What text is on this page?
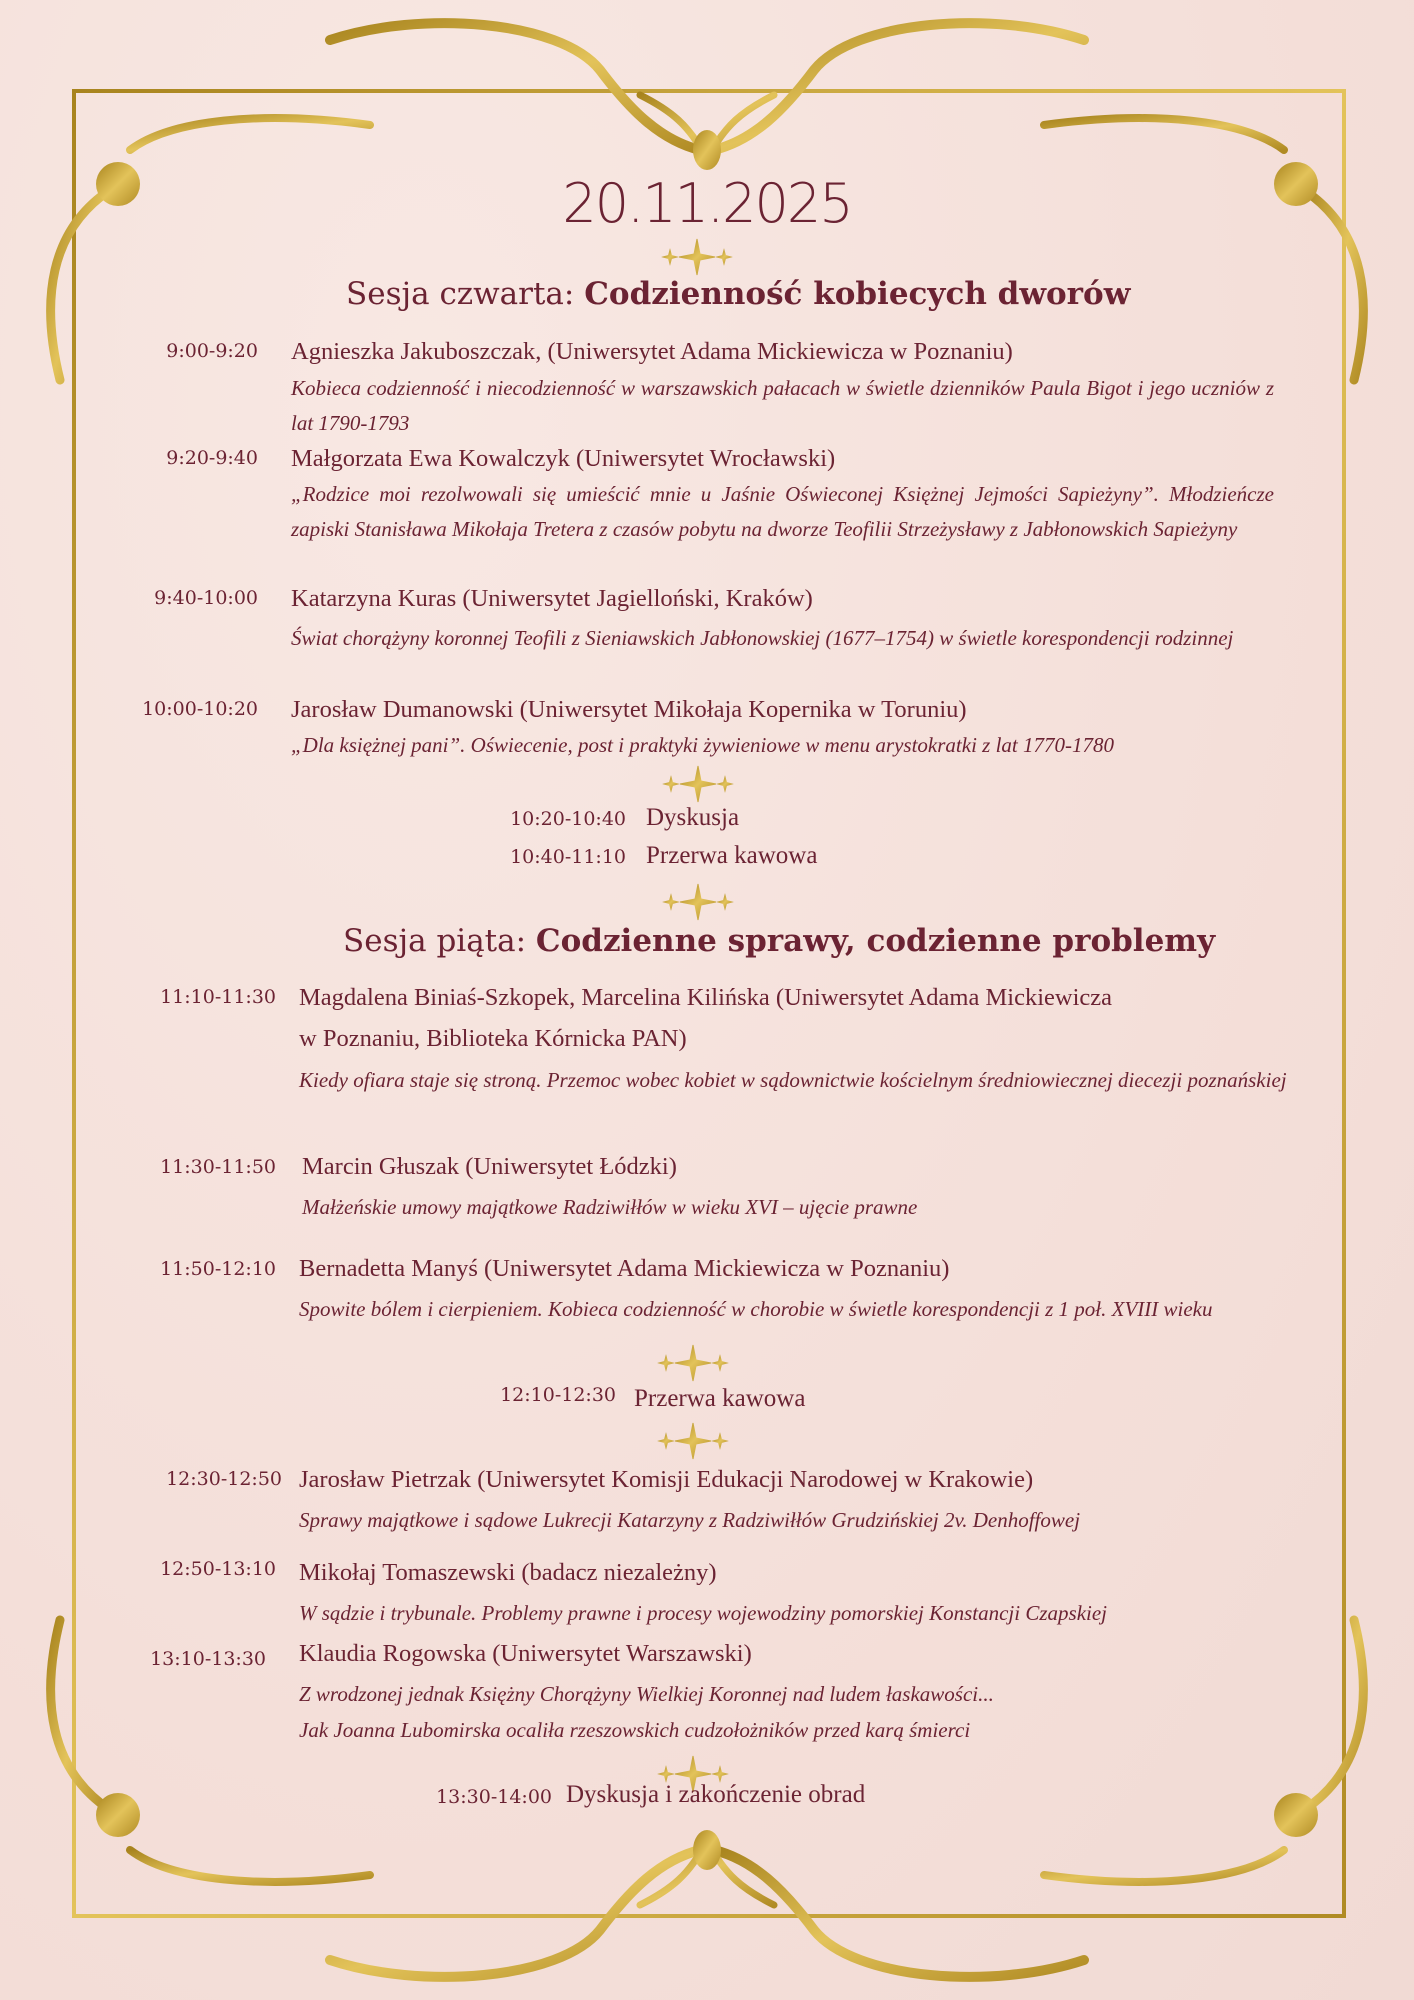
20.11.2025
Sesja czwarta: Codzienność kobiecych dworów
9:00-9:20 Agnieszka Jakuboszczak, (Uniwersytet Adama Mickiewicza w Poznaniu)
Kobieca codzienność i niecodzienność w warszawskich pałacach w świetle dzienników Paula Bigot i jego uczniów z lat 1790-1793
9:20-9:40 Małgorzata Ewa Kowalczyk (Uniwersytet Wrocławski)
„Rodzice moi rezolwowali się umieścić mnie u Jaśnie Oświeconej Księżnej Jejmości Sapieżyny”. Młodzieńcze zapiski Stanisława Mikołaja Tretera z czasów pobytu na dworze Teofilii Strzeżysławy z Jabłonowskich Sapieżyny
9:40-10:00 Katarzyna Kuras (Uniwersytet Jagielloński, Kraków)
Świat chorążyny koronnej Teofili z Sieniawskich Jabłonowskiej (1677–1754) w świetle korespondencji rodzinnej
10:00-10:20 Jarosław Dumanowski (Uniwersytet Mikołaja Kopernika w Toruniu)
„Dla księżnej pani”. Oświecenie, post i praktyki żywieniowe w menu arystokratki z lat 1770-1780
10:20-10:40 Dyskusja
10:40-11:10 Przerwa kawowa
Sesja piąta: Codzienne sprawy, codzienne problemy
11:10-11:30 Magdalena Biniaś-Szkopek, Marcelina Kilińska (Uniwersytet Adama Mickiewicza
w Poznaniu, Biblioteka Kórnicka PAN)
Kiedy ofiara staje się stroną. Przemoc wobec kobiet w sądownictwie kościelnym średniowiecznej diecezji poznańskiej
11:30-11:50 Marcin Głuszak (Uniwersytet Łódzki)
Małżeńskie umowy majątkowe Radziwiłłów w wieku XVI – ujęcie prawne
11:50-12:10 Bernadetta Manyś (Uniwersytet Adama Mickiewicza w Poznaniu)
Spowite bólem i cierpieniem. Kobieca codzienność w chorobie w świetle korespondencji z 1 poł. XVIII wieku
12:10-12:30 Przerwa kawowa
12:30-12:50 Jarosław Pietrzak (Uniwersytet Komisji Edukacji Narodowej w Krakowie)
Sprawy majątkowe i sądowe Lukrecji Katarzyny z Radziwiłłów Grudzińskiej 2v. Denhoffowej
12:50-13:10 Mikołaj Tomaszewski (badacz niezależny)
W sądzie i trybunale. Problemy prawne i procesy wojewodziny pomorskiej Konstancji Czapskiej
13:10-13:30 Klaudia Rogowska (Uniwersytet Warszawski)
Z wrodzonej jednak Księżny Chorążyny Wielkiej Koronnej nad ludem łaskawości...
Jak Joanna Lubomirska ocaliła rzeszowskich cudzołożników przed karą śmierci
13:30-14:00 Dyskusja i zakończenie obrad
